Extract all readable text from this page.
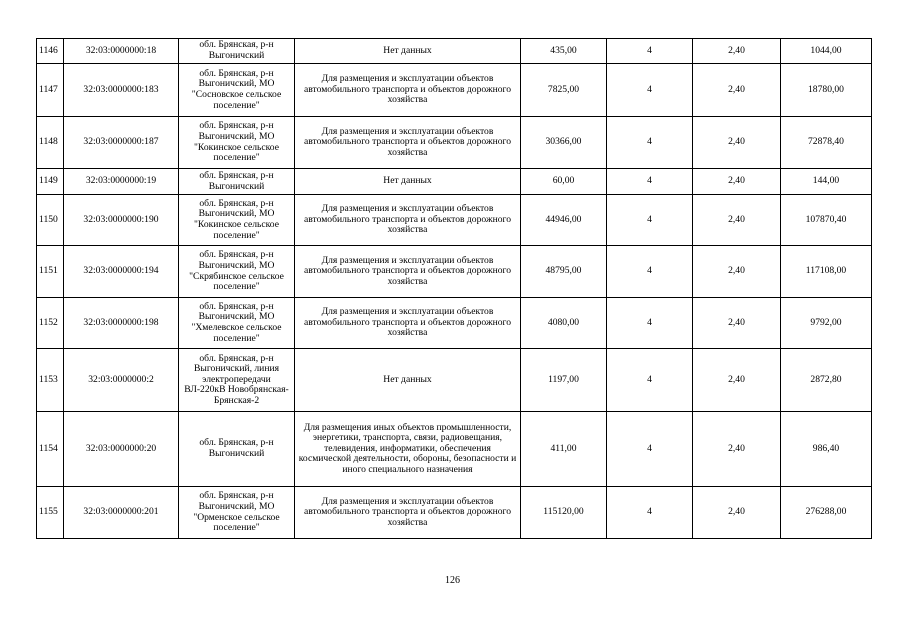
1146	32:03:0000000:18	обл. Брянская, р-н Выгоничский	Нет данных	435,00	4	2,40	1044,00
1147	32:03:0000000:183	обл. Брянская, р-н Выгоничский, МО "Сосновское сельское поселение"	Для размещения и эксплуатации объектов автомобильного транспорта и объектов дорожного хозяйства	7825,00	4	2,40	18780,00
1148	32:03:0000000:187	обл. Брянская, р-н Выгоничский, МО "Кокинское сельское поселение"	Для размещения и эксплуатации объектов автомобильного транспорта и объектов дорожного хозяйства	30366,00	4	2,40	72878,40
1149	32:03:0000000:19	обл. Брянская, р-н Выгоничский	Нет данных	60,00	4	2,40	144,00
1150	32:03:0000000:190	обл. Брянская, р-н Выгоничский, МО "Кокинское сельское поселение"	Для размещения и эксплуатации объектов автомобильного транспорта и объектов дорожного хозяйства	44946,00	4	2,40	107870,40
1151	32:03:0000000:194	обл. Брянская, р-н Выгоничский, МО "Скрябинское сельское поселение"	Для размещения и эксплуатации объектов автомобильного транспорта и объектов дорожного хозяйства	48795,00	4	2,40	117108,00
1152	32:03:0000000:198	обл. Брянская, р-н Выгоничский, МО "Хмелевское сельское поселение"	Для размещения и эксплуатации объектов автомобильного транспорта и объектов дорожного хозяйства	4080,00	4	2,40	9792,00
1153	32:03:0000000:2	обл. Брянская, р-н Выгоничский, линия электропередачи ВЛ-220кВ Новобрянская-Брянская-2	Нет данных	1197,00	4	2,40	2872,80
1154	32:03:0000000:20	обл. Брянская, р-н Выгоничский	Для размещения иных объектов промышленности, энергетики, транспорта, связи, радиовещания, телевидения, информатики, обеспечения космической деятельности, обороны, безопасности и иного специального назначения	411,00	4	2,40	986,40
1155	32:03:0000000:201	обл. Брянская, р-н Выгоничский, МО "Орменское сельское поселение"	Для размещения и эксплуатации объектов автомобильного транспорта и объектов дорожного хозяйства	115120,00	4	2,40	276288,00
126
